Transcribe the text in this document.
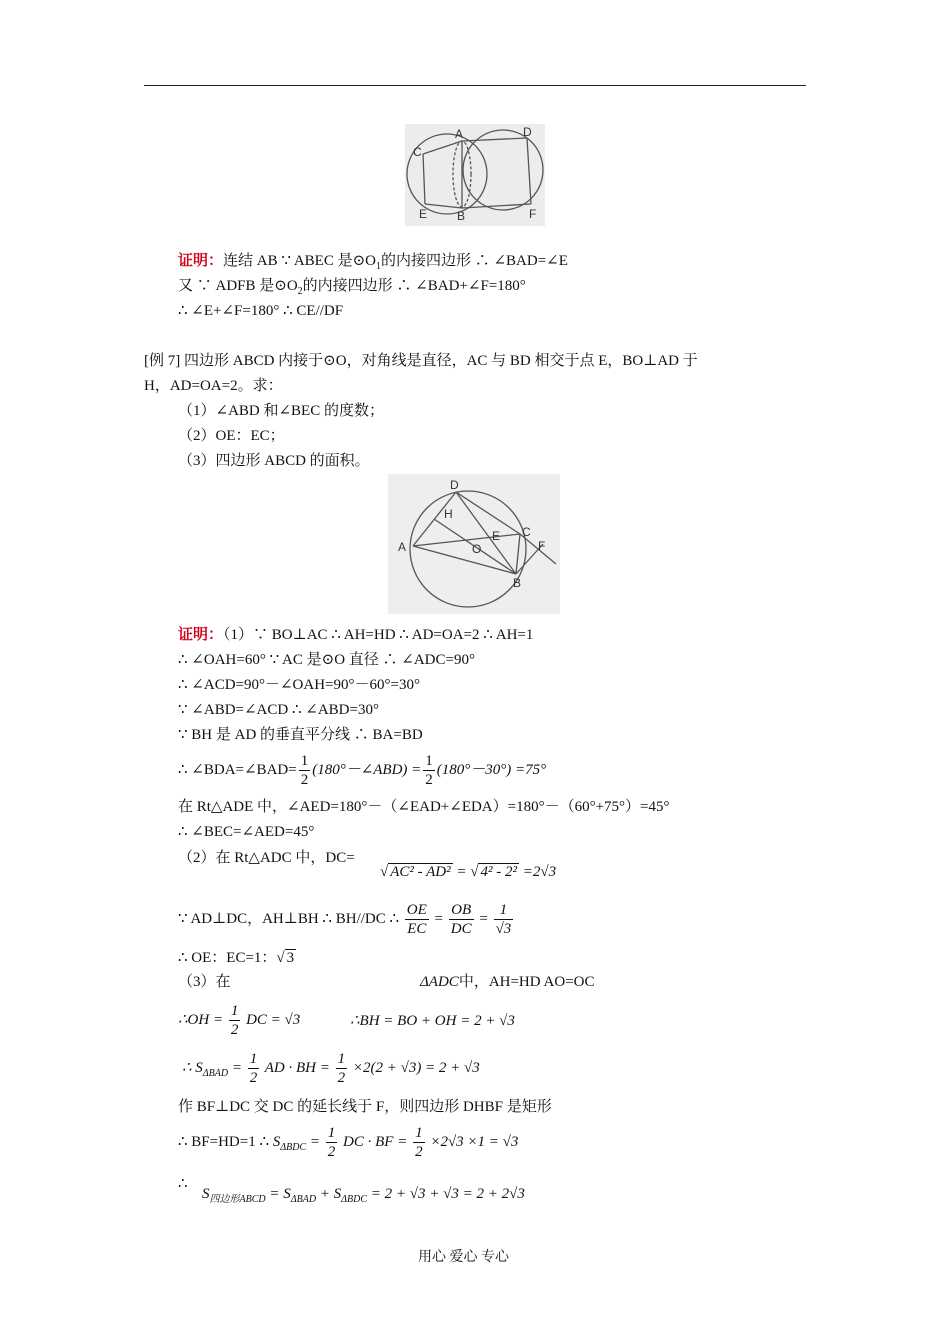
C
A	D
E B	F
证明：连结 AB ∵ ABEC 是$⊙O_1$的内接四边形 ∴ ∠BAD=∠E
又 ∵ ADFB 是$⊙O_2$的内接四边形 ∴ ∠BAD+∠F=180°
∴ ∠E+∠F=180° ∴ CE//DF
[例 7] 四边形 ABCD 内接于⊙O，对角线是直径，AC 与 BD 相交于点 E，BO⊥AD 于
H，AD=OA=2。求：
（1）∠ABD 和∠BEC 的度数；
（2）OE：EC；
（3）四边形 ABCD 的面积。
D
H
A	O
E C
F
B
证明：（1）∵ BO⊥AC ∴ AH=HD ∴ AD=OA=2 ∴ AH=1
∴ ∠OAH=60° ∵ AC 是⊙O 直径 ∴ ∠ADC=90°
∴ ∠ACD=90°－∠OAH=90°－60°=30°
∵ ∠ABD=∠ACD ∴ ∠ABD=30°
∵ BH 是 AD 的垂直平分线 ∴ BA=BD
∴ ∠BDA=∠BAD= $\frac{1}{2}$ (180°－∠ABD) = $\frac{1}{2} (180^\circ-30^\circ) =75^\circ$
在 Rt△ADE 中，∠AED=180°－（∠EAD+∠EDA）=180°－（60°+75°）=45°
∴ ∠BEC=∠AED=45°
（2）在 Rt△ADC 中，DC=
√ AC² - AD² = √ 4² - 2² =2√3
∵ AD⊥DC，AH⊥BH ∴ BH//DC ∴ $\frac{OE}{EC} = \frac{OB}{DC} = \frac{1}{√3}$
∴ OE：EC=1：√ 3
（3）在	ΔADC中，AH=HD AO=OC
∴OH = $\frac{1}{2}$ DC = √3	∴BH = BO + OH = 2 + √3
∴ $S_{\Delta BAD} = \frac{1}{2}$ AD · BH = $\frac{1}{2} \times 2(2 + √3) = 2 + √3$
作 BF⊥DC 交 DC 的延长线于 F，则四边形 DHBF 是矩形
∴ BF=HD=1 ∴ $S_{\Delta BDC} = \frac{1}{2}$ DC · BF = $\frac{1}{2} \times 2√3 \times 1 = √3$
∴
$S_{四边形ABCD} = S_{\Delta BAD} + S_{\Delta BDC} = 2 + √3 + √3 = 2 + 2√3$
用心 爱心 专心
